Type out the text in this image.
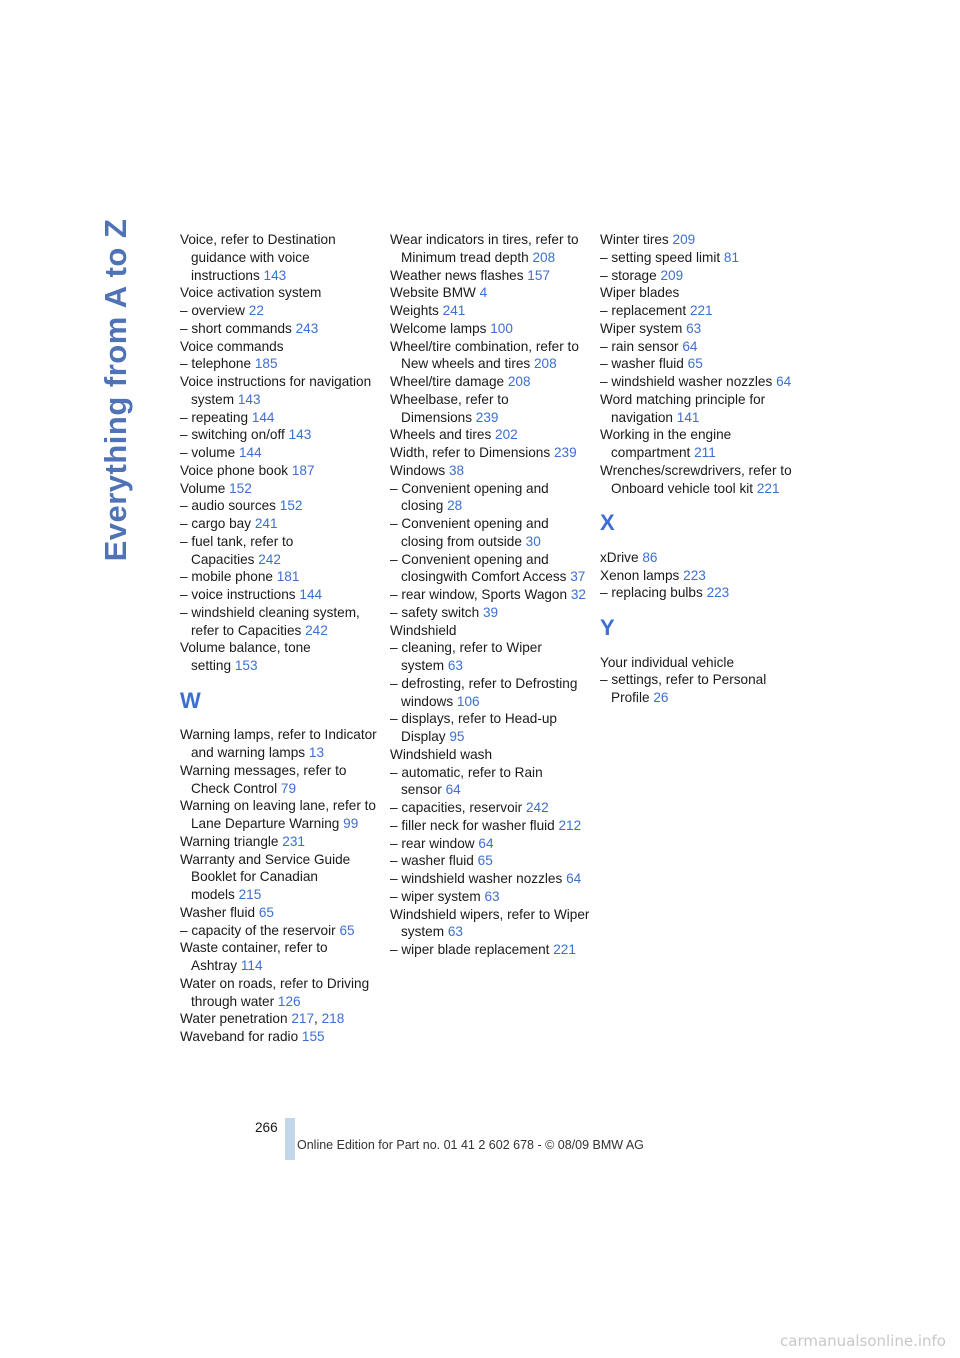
Everything from A to Z	Voice, refer to Destination guidance with voice instructions 143
Voice activation system
– overview 22
– short commands 243
Voice commands
– telephone 185
Voice instructions for navigation system 143
– repeating 144
– switching on/off 143
– volume 144
Voice phone book 187
Volume 152
– audio sources 152
– cargo bay 241
– fuel tank, refer to Capacities 242
– mobile phone 181
– voice instructions 144
– windshield cleaning system, refer to Capacities 242
Volume balance, tone setting 153
W
Warning lamps, refer to Indicator and warning lamps 13
Warning messages, refer to Check Control 79
Warning on leaving lane, refer to Lane Departure Warning 99
Warning triangle 231
Warranty and Service Guide Booklet for Canadian models 215
Washer fluid 65
– capacity of the reservoir 65
Waste container, refer to Ashtray 114
Water on roads, refer to Driving through water 126
Water penetration 217, 218
Waveband for radio 155
Wear indicators in tires, refer to Minimum tread depth 208
Weather news flashes 157
Website BMW 4
Weights 241
Welcome lamps 100
Wheel/tire combination, refer to New wheels and tires 208
Wheel/tire damage 208
Wheelbase, refer to Dimensions 239
Wheels and tires 202
Width, refer to Dimensions 239
Windows 38
– Convenient opening and closing 28
– Convenient opening and closing from outside 30
– Convenient opening and closingwith Comfort Access 37
– rear window, Sports Wagon 32
– safety switch 39
Windshield
– cleaning, refer to Wiper system 63
– defrosting, refer to Defrosting windows 106
– displays, refer to Head-up Display 95
Windshield wash
– automatic, refer to Rain sensor 64
– capacities, reservoir 242
– filler neck for washer fluid 212
– rear window 64
– washer fluid 65
– windshield washer nozzles 64
– wiper system 63
Windshield wipers, refer to Wiper system 63
– wiper blade replacement 221
Winter tires 209
– setting speed limit 81
– storage 209
Wiper blades
– replacement 221
Wiper system 63
– rain sensor 64
– washer fluid 65
– windshield washer nozzles 64
Word matching principle for navigation 141
Working in the engine compartment 211
Wrenches/screwdrivers, refer to Onboard vehicle tool kit 221
X
xDrive 86
Xenon lamps 223
– replacing bulbs 223
Y
Your individual vehicle
– settings, refer to Personal Profile 26
266
Online Edition for Part no. 01 41 2 602 678 - © 08/09 BMW AG
carmanualsonline.info
